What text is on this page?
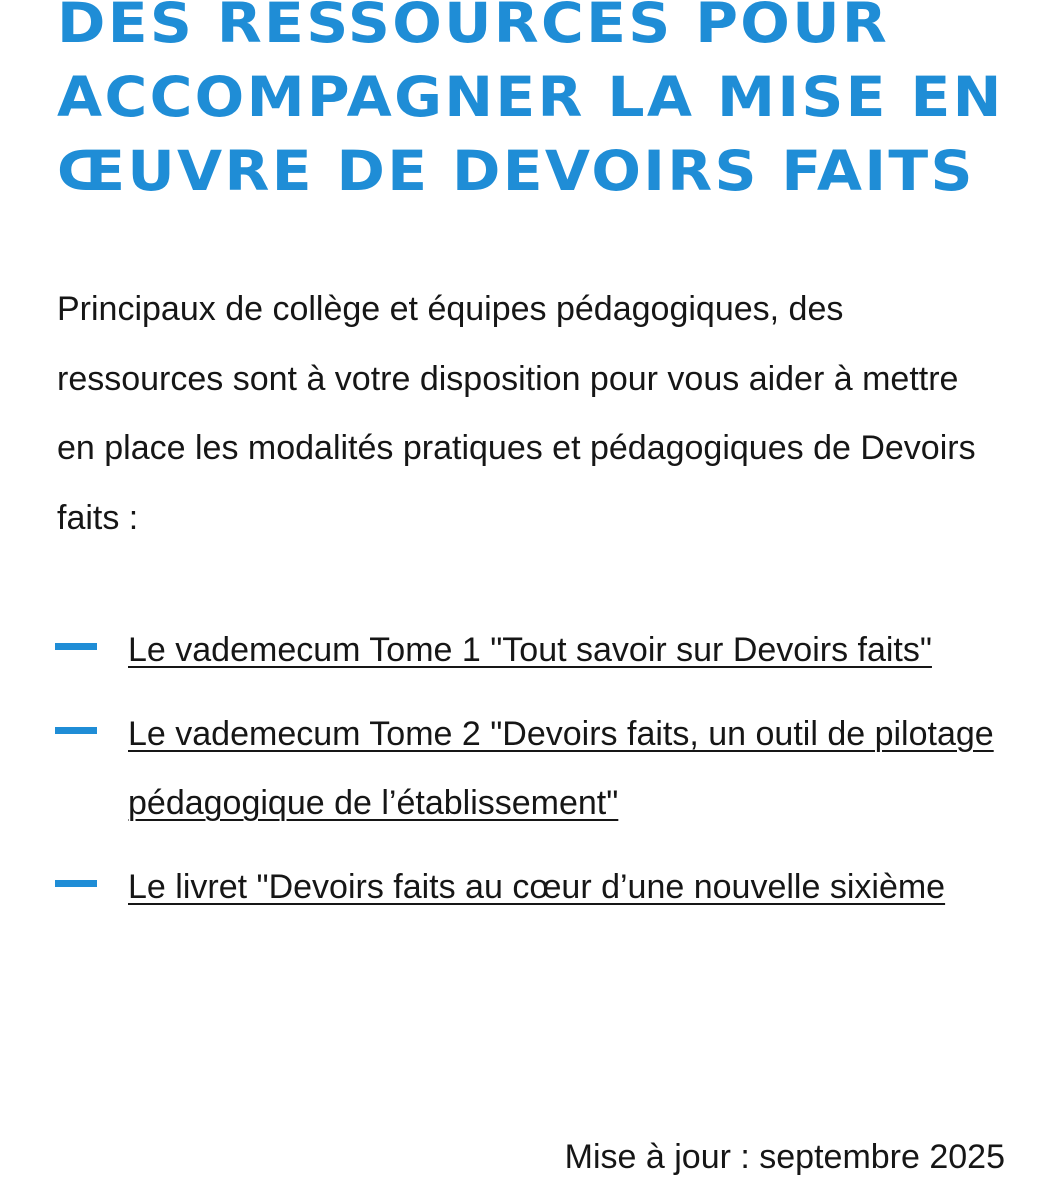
DES RESSOURCES POUR ACCOMPAGNER LA MISE EN ŒUVRE DE DEVOIRS FAITS

Principaux de collège et équipes pédagogiques, des ressources sont à votre disposition pour vous aider à mettre en place les modalités pratiques et pédagogiques de Devoirs faits :

Le vademecum Tome 1 "Tout savoir sur Devoirs faits"
Le vademecum Tome 2 "Devoirs faits, un outil de pilotage pédagogique de l’établissement"
Le livret "Devoirs faits au cœur d’une nouvelle sixième

Mise à jour : septembre 2025
